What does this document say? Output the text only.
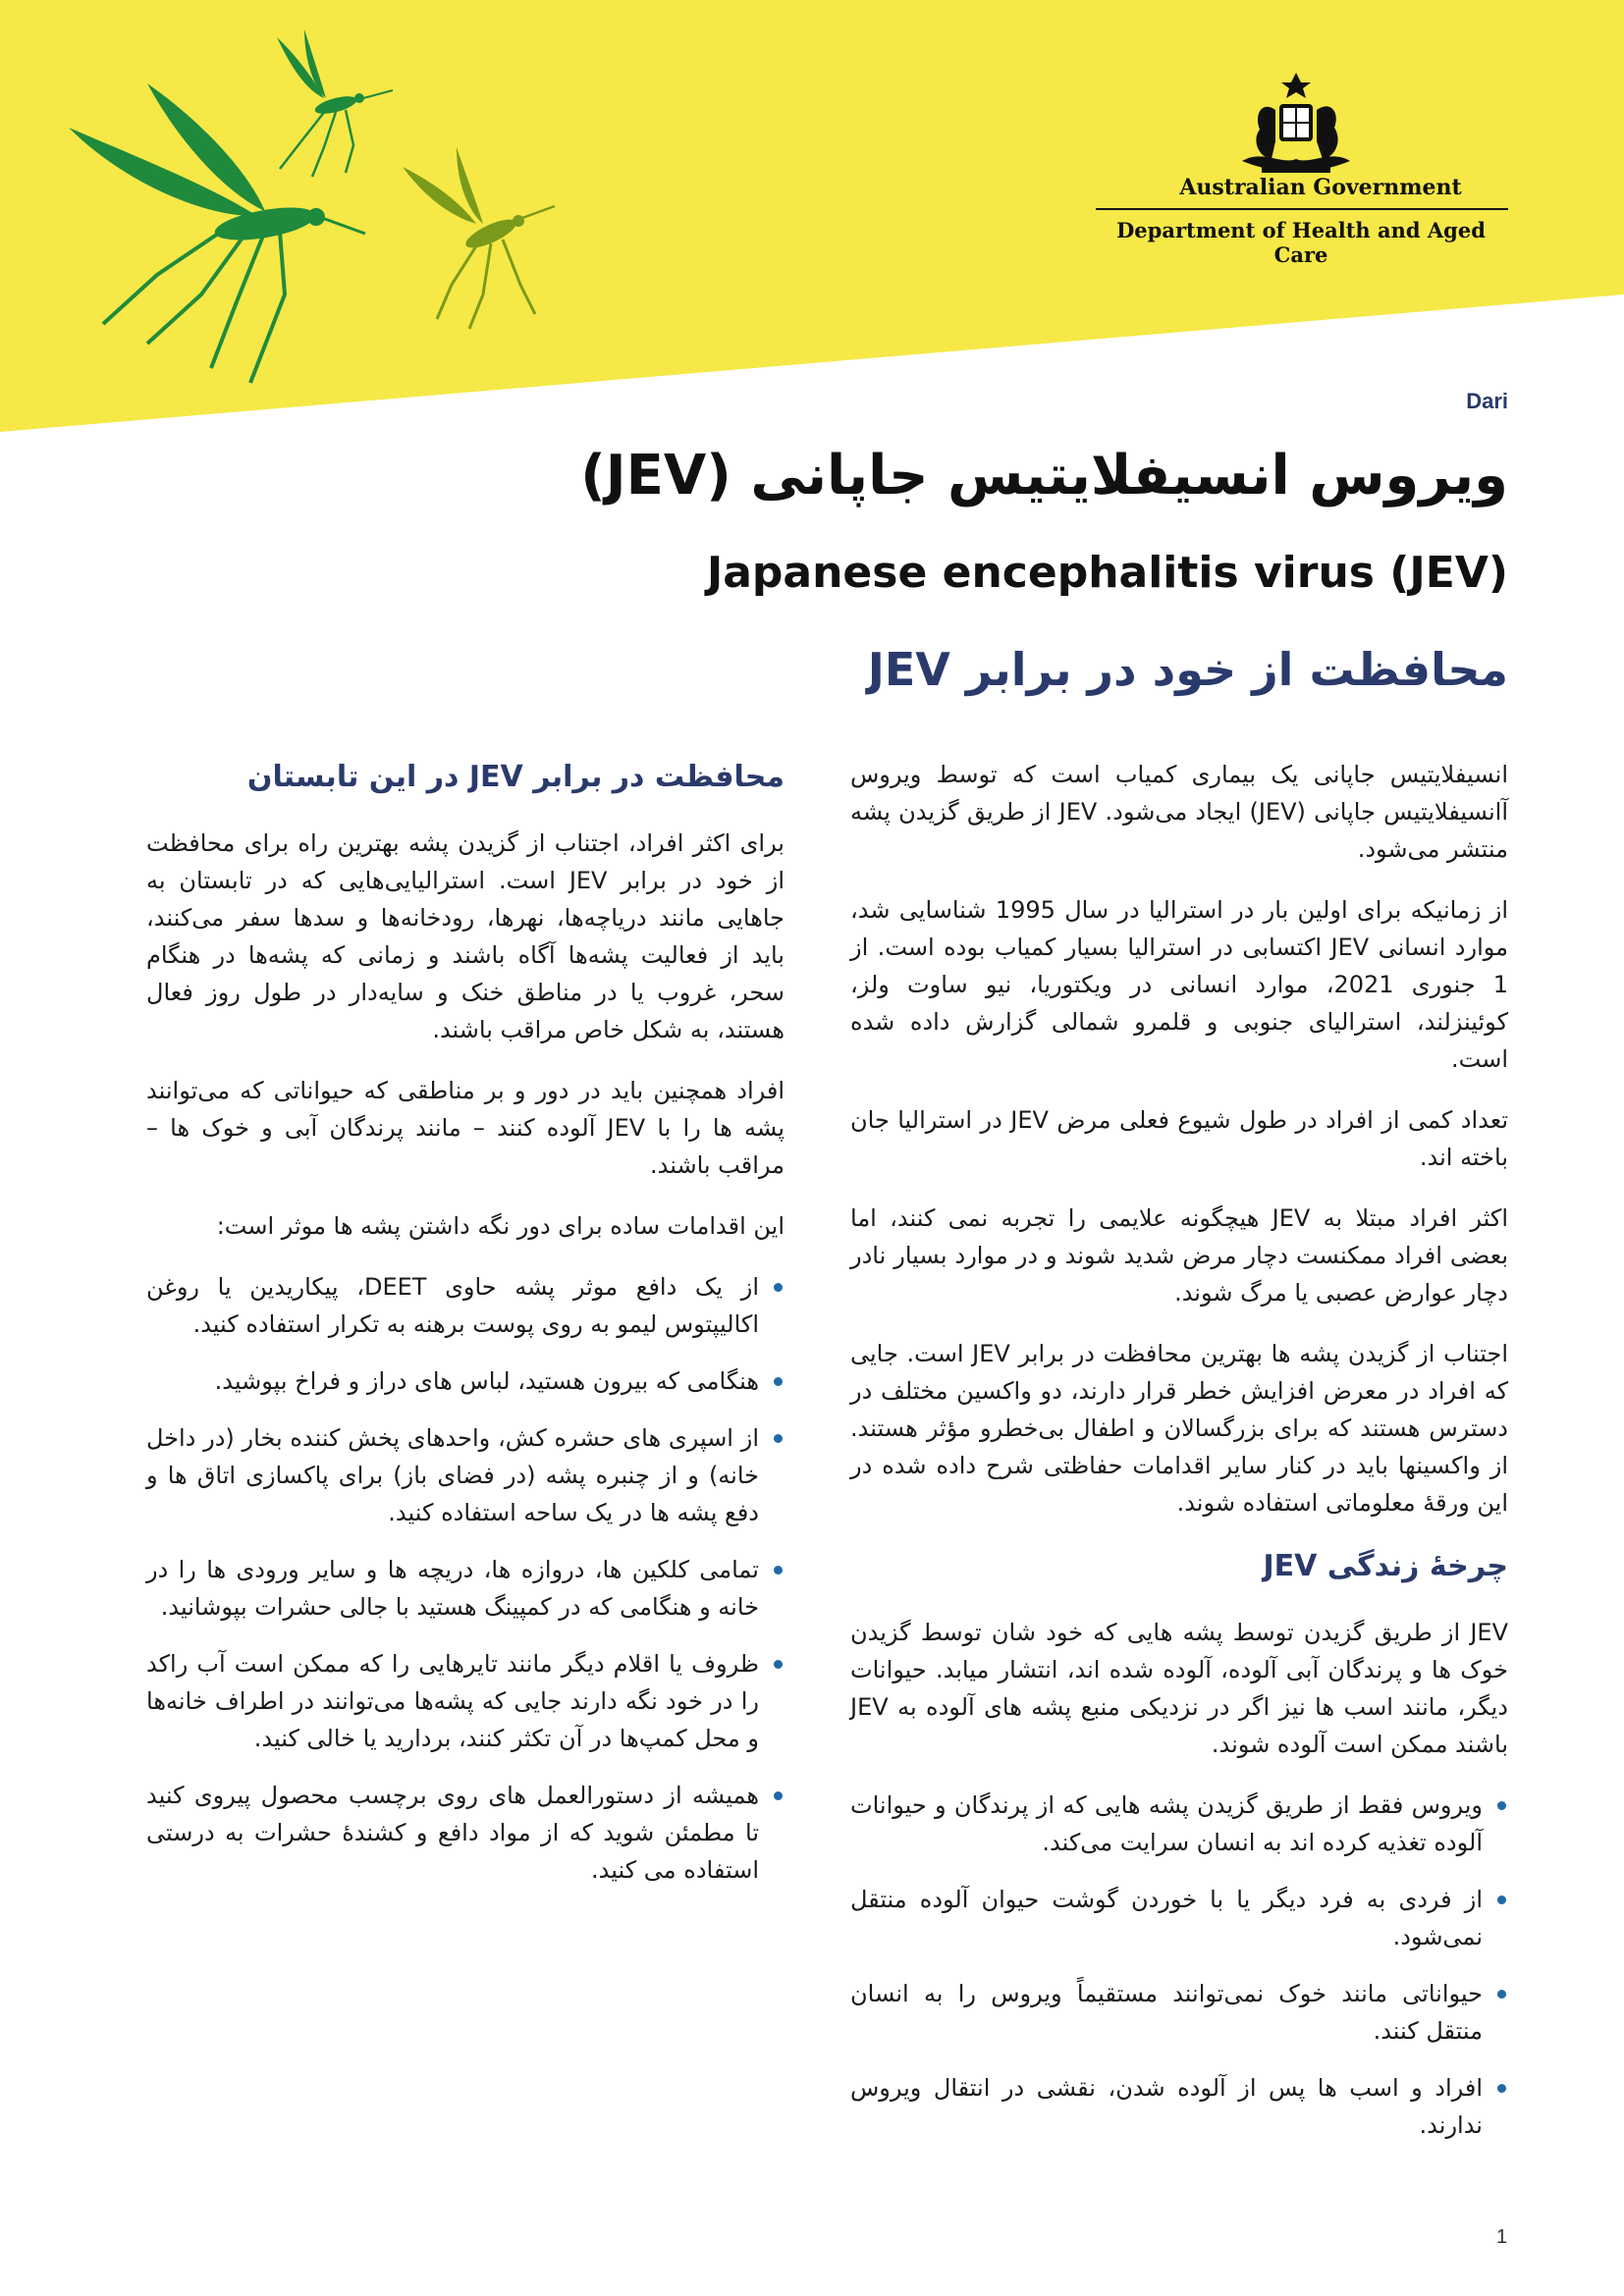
Australian Government
Department of Health and Aged Care
Dari
ویروس انسیفلایتیس جاپانی (JEV)
Japanese encephalitis virus (JEV)
محافظت از خود در برابر JEV

انسیفلایتیس جاپانی یک بیماری کمیاب است که توسط ویروس آانسیفلایتیس جاپانی (JEV) ایجاد می‌شود. JEV از طریق گزیدن پشه منتشر می‌شود.

از زمانیکه برای اولین بار در استرالیا در سال 1995 شناسایی شد، موارد انسانی JEV اکتسابی در استرالیا بسیار کمیاب بوده است. از 1 جنوری 2021، موارد انسانی در ویکتوریا، نیو ساوت ولز، کوئینزلند، استرالیای جنوبی و قلمرو شمالی گزارش داده شده است.

تعداد کمی از افراد در طول شیوع فعلی مرض JEV در استرالیا جان باخته اند.

اکثر افراد مبتلا به JEV هیچگونه علایمی را تجربه نمی کنند، اما بعضی افراد ممکنست دچار مرض شدید شوند و در موارد بسیار نادر دچار عوارض عصبی یا مرگ شوند.

اجتناب از گزیدن پشه ها بهترین محافظت در برابر JEV است. جایی که افراد در معرض افزایش خطر قرار دارند، دو واکسین مختلف در دسترس هستند که برای بزرگسالان و اطفال بی‌خطرو مؤثر هستند. از واکسینها باید در کنار سایر اقدامات حفاظتی شرح داده شده در این ورقۀ معلوماتی استفاده شوند.

چرخۀ زندگی JEV

JEV از طریق گزیدن توسط پشه هایی که خود شان توسط گزیدن خوک ها و پرندگان آبی آلوده، آلوده شده اند، انتشار میابد. حیوانات دیگر، مانند اسب ها نیز اگر در نزدیکی منبع پشه های آلوده به JEV باشند ممکن است آلوده شوند.

ویروس فقط از طریق گزیدن پشه هایی که از پرندگان و حیوانات آلوده تغذیه کرده اند به انسان سرایت می‌کند.
از فردی به فرد دیگر یا با خوردن گوشت حیوان آلوده منتقل نمی‌شود.
حیواناتی مانند خوک نمی‌توانند مستقیماً ویروس را به انسان منتقل کنند.
افراد و اسب ها پس از آلوده شدن، نقشی در انتقال ویروس ندارند.
محافظت در برابر JEV در این تابستان

برای اکثر افراد، اجتناب از گزیدن پشه بهترین راه برای محافظت از خود در برابر JEV است. استرالیایی‌هایی که در تابستان به جاهایی مانند دریاچه‌ها، نهرها، رودخانه‌ها و سدها سفر می‌کنند، باید از فعالیت پشه‌ها آگاه باشند و زمانی که پشه‌ها در هنگام سحر، غروب یا در مناطق خنک و سایه‌دار در طول روز فعال هستند، به شکل خاص مراقب باشند.

افراد همچنین باید در دور و بر مناطقی که حیواناتی که می‌توانند پشه ها را با JEV آلوده کنند – مانند پرندگان آبی و خوک ها – مراقب باشند.

این اقدامات ساده برای دور نگه داشتن پشه ها موثر است:

از یک دافع موثر پشه حاوی DEET، پیکاریدین یا روغن اکالیپتوس لیمو به روی پوست برهنه به تکرار استفاده کنید.
هنگامی که بیرون هستید، لباس های دراز و فراخ بپوشید.
از اسپری های حشره کش، واحدهای پخش کننده بخار (در داخل خانه) و از چنبره پشه (در فضای باز) برای پاکسازی اتاق ها و دفع پشه ها در یک ساحه استفاده کنید.
تمامی کلکین ها، دروازه ها، دریچه ها و سایر ورودی ها را در خانه و هنگامی که در کمپینگ هستید با جالی حشرات بپوشانید.
ظروف یا اقلام دیگر مانند تایرهایی را که ممکن است آب راکد را در خود نگه دارند جایی که پشه‌ها می‌توانند در اطراف خانه‌ها و محل کمپ‌ها در آن تکثر کنند، بردارید یا خالی کنید.
همیشه از دستورالعمل های روی برچسب محصول پیروی کنید تا مطمئن شوید که از مواد دافع و کشندۀ حشرات به درستی استفاده می کنید.
1
